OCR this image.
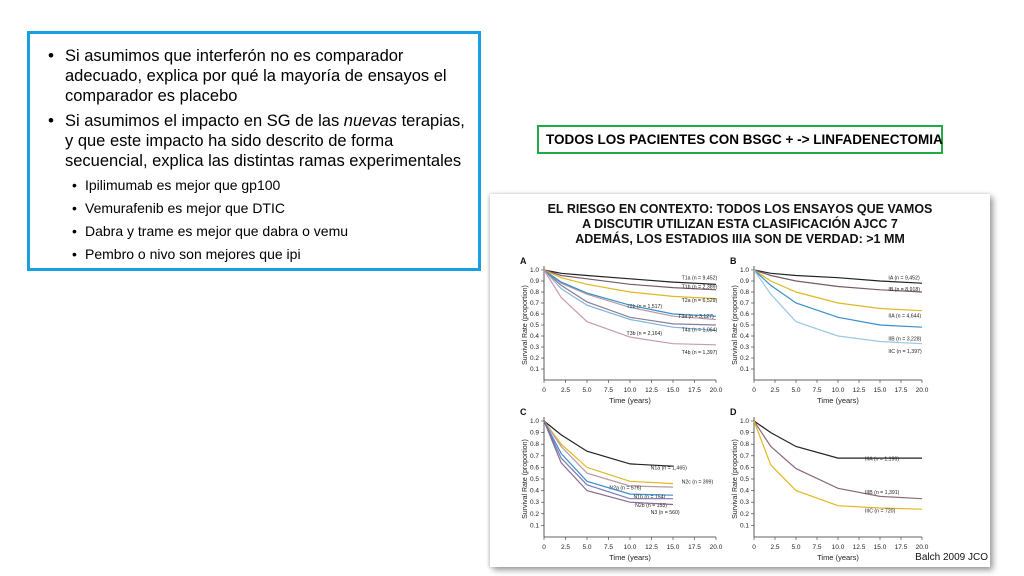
• Si asumimos que interferón no es comparador adecuado, explica por qué la mayoría de ensayos el comparador es placebo
• Si asumimos el impacto en SG de las nuevas terapias, y que este impacto ha sido descrito de forma secuencial, explica las distintas ramas experimentales
• Ipilimumab es mejor que gp100
• Vemurafenib es mejor que DTIC
• Dabra y trame es mejor que dabra o vemu
• Pembro o nivo son mejores que ipi
TODOS LOS PACIENTES CON BSGC + -> LINFADENECTOMIA
0.1
0.2
0.3
0.4
0.5
0.6
0.7
0.8
0.9
1.0
0 2.5 5.0 7.5 10.0 12.5 15.0 17.5 20.0
A
Time (years)
Survival Rate (proportion)
T1a (n = 9,452)
T1b (n = 2,389)
T2a (n = 6,529)
T2b (n = 1,517)
T3a (n = 3,127)
T3b (n = 2,164)
T4a (n = 1,064)
T4b (n = 1,397)
0.1
0.2
0.3
0.4
0.5
0.6
0.7
0.8
0.9
1.0
0 2.5 5.0 7.5 10.0 12.5 15.0 17.5 20.0
B
Time (years)
Survival Rate (proportion)
IA (n = 9,452)
IB (n = 8,918)
IIA (n = 4,644)
IIB (n = 3,228)
IIC (n = 1,397)
0.1
0.2
0.3
0.4
0.5
0.6
0.7
0.8
0.9
1.0
0 2.5 5.0 7.5 10.0 12.5 15.0 17.5 20.0
C
Time (years)
Survival Rate (proportion)	N1a (n = 1,465)
N2c (n = 399)
N2a (n = 576)
N1b (n = 154)
N2b (n = 153)
N3 (n = 560)
0.1
0.2
0.3
0.4
0.5
0.6
0.7
0.8
0.9
1.0
0 2.5 5.0 7.5 10.0 12.5 15.0 17.5 20.0
D
Time (years)
Survival Rate (proportion)	IIIA (n = 1,196)
IIIB (n = 1,391)
IIIC (n = 720)
EL RIESGO EN CONTEXTO: TODOS LOS ENSAYOS QUE VAMOS
A DISCUTIR UTILIZAN ESTA CLASIFICACIÓN AJCC 7
ADEMÁS, LOS ESTADIOS IIIA SON DE VERDAD: >1 MM
Balch 2009 JCO
